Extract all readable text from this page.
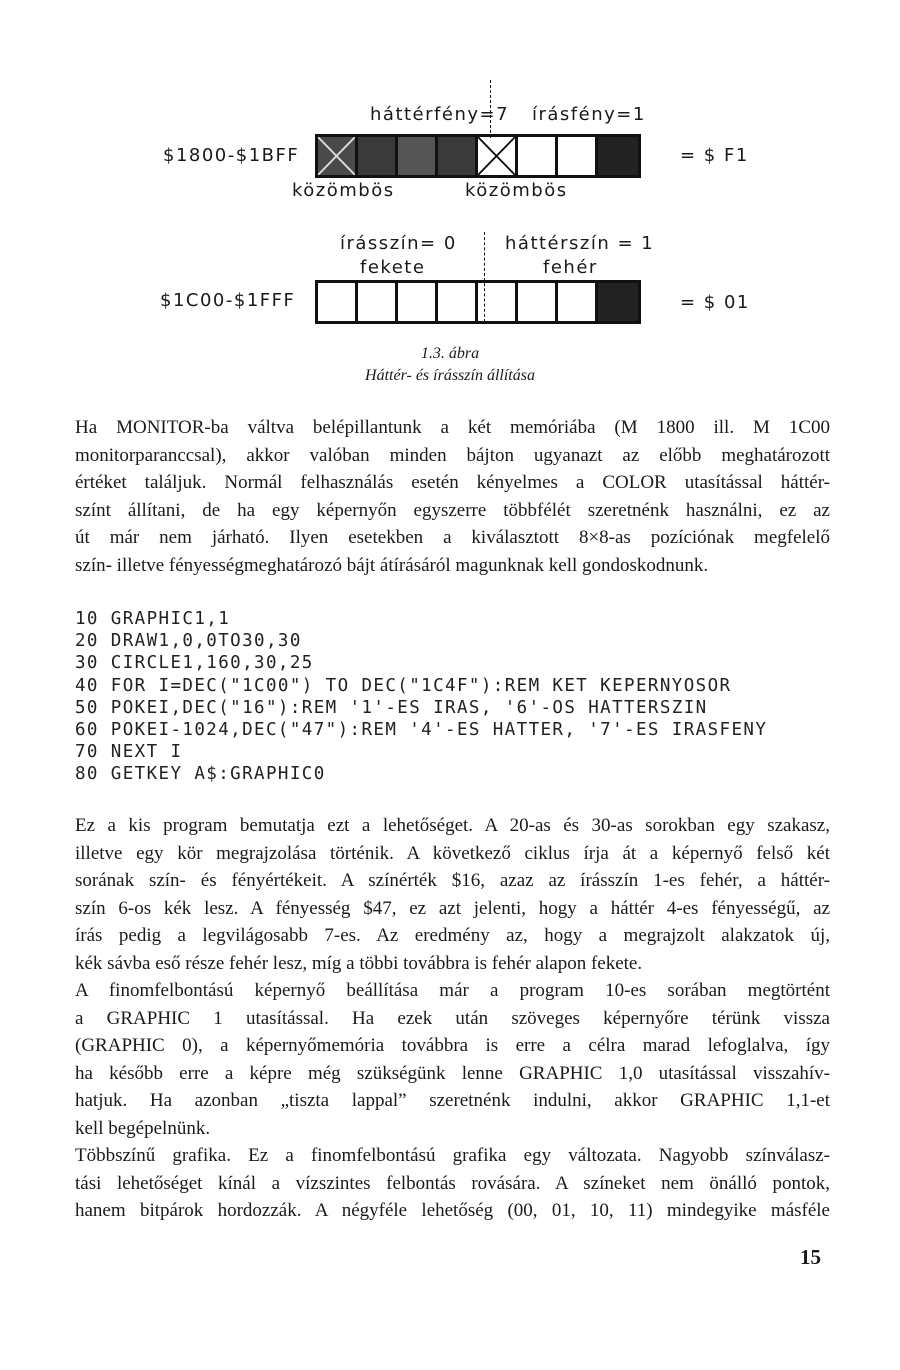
háttérfény=7 írásfény=1
$1800-$1BFF	= $ F1
közömbös	közömbös
írásszín= 0	háttérszín = 1
fekete	fehér
$1C00-$1FFF	= $ 01
1.3. ábra
Háttér- és írásszín állítása
Ha MONITOR-ba váltva belépillantunk a két memóriába (M 1800 ill. M 1C00
monitorparanccsal), akkor valóban minden bájton ugyanazt az előbb meghatározott
értéket találjuk. Normál felhasználás esetén kényelmes a COLOR utasítással háttér-
színt állítani, de ha egy képernyőn egyszerre többfélét szeretnénk használni, ez az
út már nem járható. Ilyen esetekben a kiválasztott 8×8-as pozíciónak megfelelő
szín- illetve fényességmeghatározó bájt átírásáról magunknak kell gondoskodnunk.
10 GRAPHIC1,1
20 DRAW1,0,0TO30,30
30 CIRCLE1,160,30,25
40 FOR I=DEC("1C00") TO DEC("1C4F"):REM KET KEPERNYOSOR
50 POKEI,DEC("16"):REM '1'-ES IRAS, '6'-OS HATTERSZIN
60 POKEI-1024,DEC("47"):REM '4'-ES HATTER, '7'-ES IRASFENY
70 NEXT I
80 GETKEY A$:GRAPHIC0
Ez a kis program bemutatja ezt a lehetőséget. A 20-as és 30-as sorokban egy szakasz,
illetve egy kör megrajzolása történik. A következő ciklus írja át a képernyő felső két
sorának szín- és fényértékeit. A színérték $16, azaz az írásszín 1-es fehér, a háttér-
szín 6-os kék lesz. A fényesség $47, ez azt jelenti, hogy a háttér 4-es fényességű, az
írás pedig a legvilágosabb 7-es. Az eredmény az, hogy a megrajzolt alakzatok új,
kék sávba eső része fehér lesz, míg a többi továbbra is fehér alapon fekete.
A finomfelbontású képernyő beállítása már a program 10-es sorában megtörtént
a GRAPHIC 1 utasítással. Ha ezek után szöveges képernyőre térünk vissza
(GRAPHIC 0), a képernyőmemória továbbra is erre a célra marad lefoglalva, így
ha később erre a képre még szükségünk lenne GRAPHIC 1,0 utasítással visszahív-
hatjuk. Ha azonban „tiszta lappal” szeretnénk indulni, akkor GRAPHIC 1,1-et
kell begépelnünk.
Többszínű grafika. Ez a finomfelbontású grafika egy változata. Nagyobb színválasz-
tási lehetőséget kínál a vízszintes felbontás rovására. A színeket nem önálló pontok,
hanem bitpárok hordozzák. A négyféle lehetőség (00, 01, 10, 11) mindegyike másféle
15
